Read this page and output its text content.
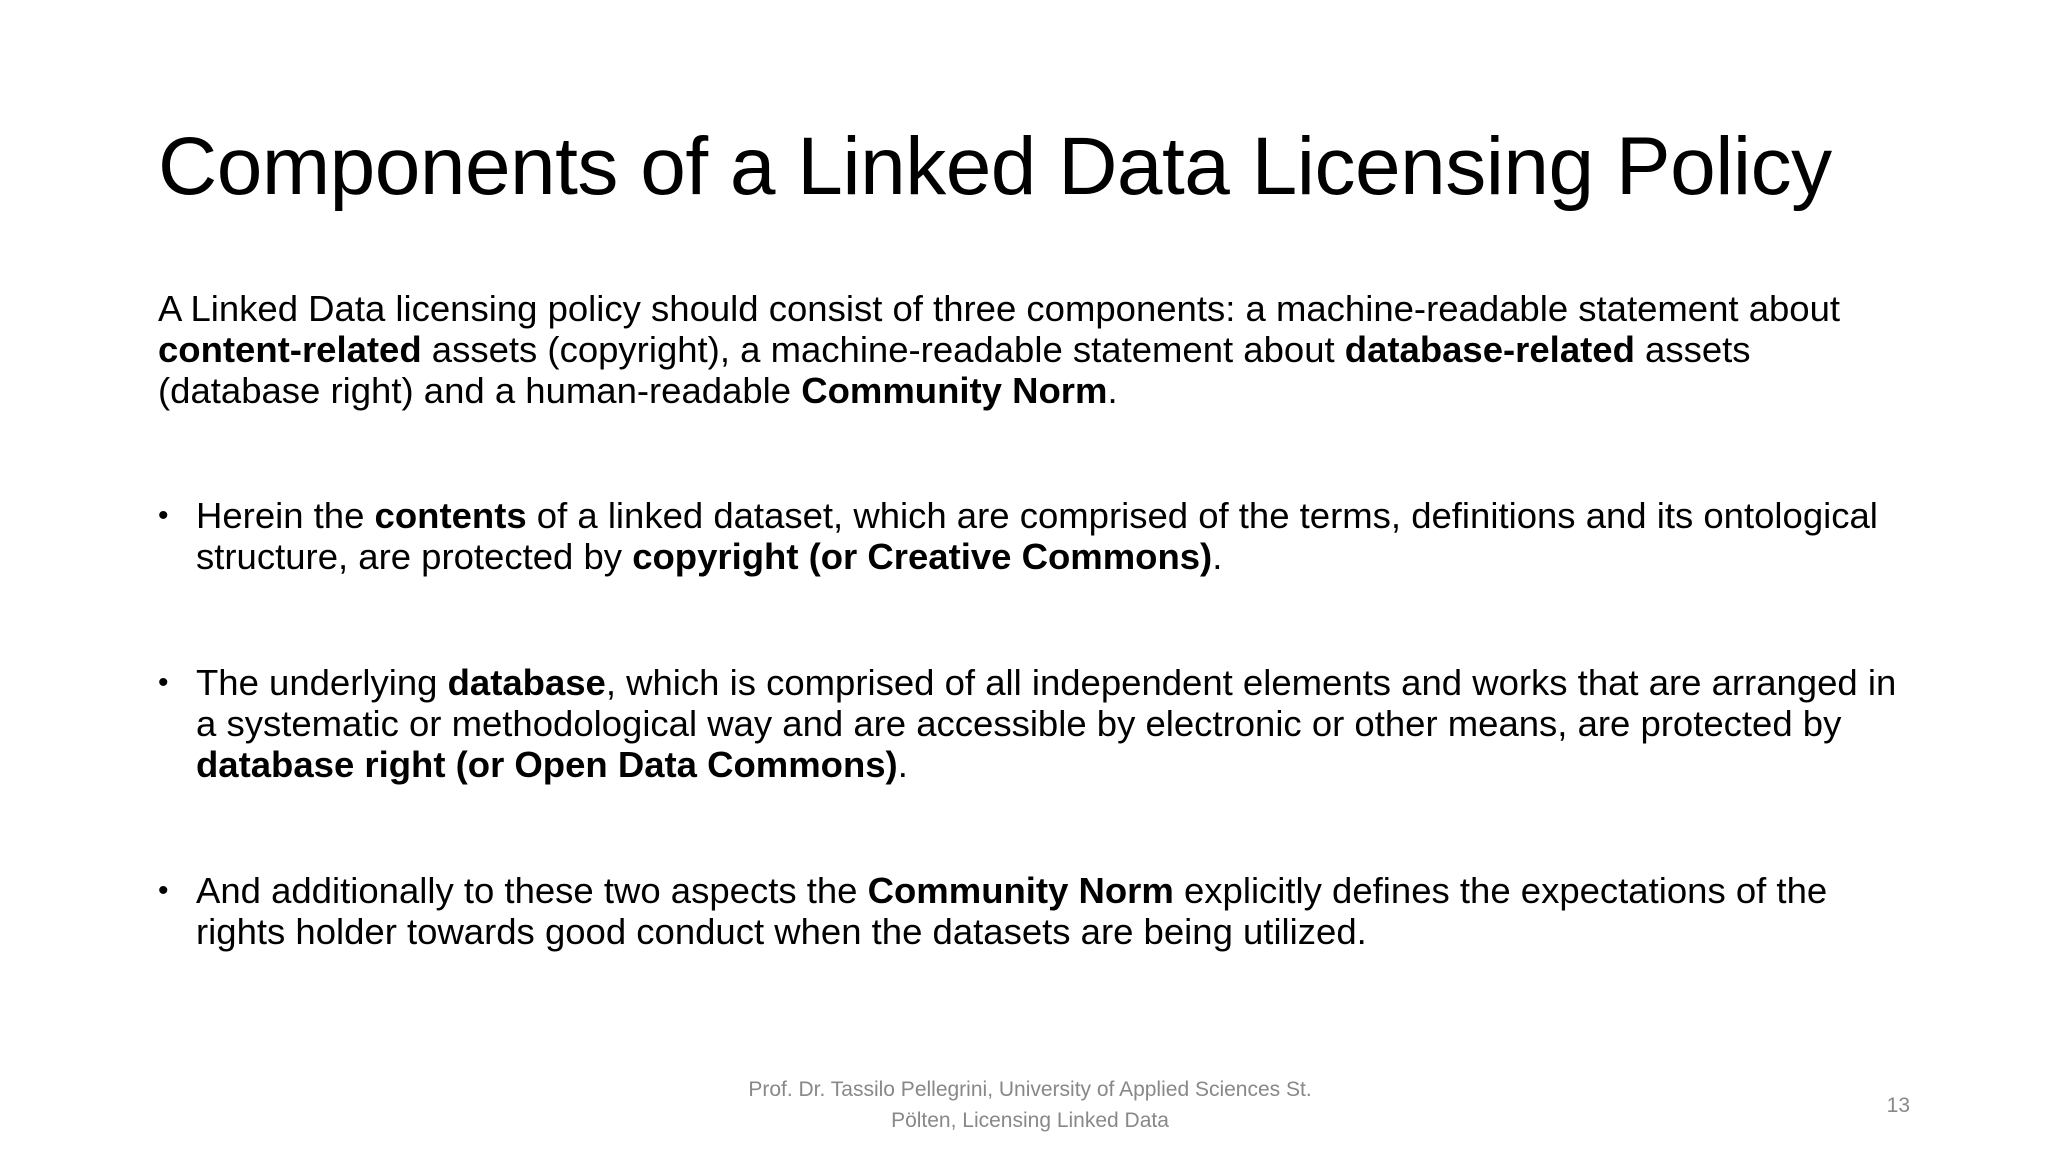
Components of a Linked Data Licensing Policy

A Linked Data licensing policy should consist of three components: a machine-readable statement about content-related assets (copyright), a machine-readable statement about database-related assets (database right) and a human-readable Community Norm.

• Herein the contents of a linked dataset, which are comprised of the terms, definitions and its ontological structure, are protected by copyright (or Creative Commons).
• The underlying database, which is comprised of all independent elements and works that are arranged in a systematic or methodological way and are accessible by electronic or other means, are protected by database right (or Open Data Commons).
• And additionally to these two aspects the Community Norm explicitly defines the expectations of the rights holder towards good conduct when the datasets are being utilized.
Prof. Dr. Tassilo Pellegrini, University of Applied Sciences St.
Pölten, Licensing Linked Data
13
